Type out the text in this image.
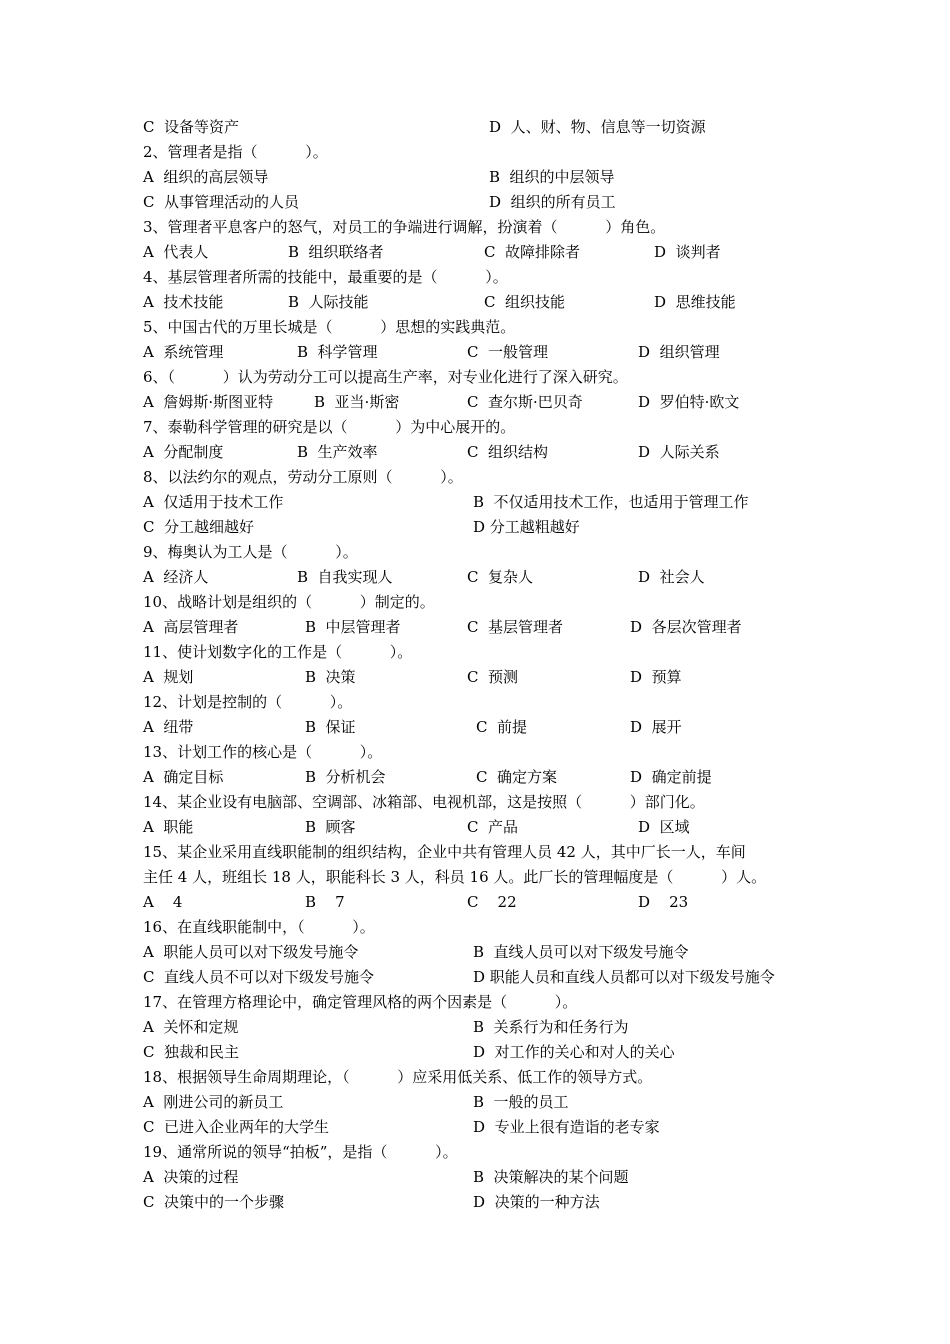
C  设备等资产	D  人、财、物、信息等一切资源
2、管理者是指（          ）。
A  组织的高层领导	B  组织的中层领导
C  从事管理活动的人员	D  组织的所有员工
3、管理者平息客户的怒气，对员工的争端进行调解，扮演着（          ）角色。
A  代表人	B  组织联络者	C  故障排除者	D  谈判者
4、基层管理者所需的技能中，最重要的是（          ）。
A  技术技能	B  人际技能	C  组织技能	D  思维技能
5、中国古代的万里长城是（          ）思想的实践典范。
A  系统管理	B  科学管理	C  一般管理	D  组织管理
6、（          ）认为劳动分工可以提高生产率，对专业化进行了深入研究。
A  詹姆斯·斯图亚特	B  亚当·斯密	C  查尔斯·巴贝奇	D  罗伯特·欧文
7、泰勒科学管理的研究是以（          ）为中心展开的。
A  分配制度	B  生产效率	C  组织结构	D  人际关系
8、以法约尔的观点，劳动分工原则（          ）。
A  仅适用于技术工作	B  不仅适用技术工作，也适用于管理工作
C  分工越细越好	D 分工越粗越好
9、梅奥认为工人是（          ）。
A  经济人	B  自我实现人	C  复杂人	D  社会人
10、战略计划是组织的（          ）制定的。
A  高层管理者	B  中层管理者	C  基层管理者	D  各层次管理者
11、使计划数字化的工作是（          ）。
A  规划	B  决策	C  预测	D  预算
12、计划是控制的（          ）。
A  纽带	B  保证	C  前提	D  展开
13、计划工作的核心是（          ）。
A  确定目标	B  分析机会	C  确定方案	D  确定前提
14、某企业设有电脑部、空调部、冰箱部、电视机部，这是按照（          ）部门化。
A  职能	B  顾客	C  产品	D  区域
15、某企业采用直线职能制的组织结构，企业中共有管理人员 42 人，其中厂长一人，车间
主任 4 人，班组长 18 人，职能科长 3 人，科员 16 人。此厂长的管理幅度是（          ）人。
A    4	B    7	C    22	D    23
16、在直线职能制中，（          ）。
A  职能人员可以对下级发号施令	B  直线人员可以对下级发号施令
C  直线人员不可以对下级发号施令	D 职能人员和直线人员都可以对下级发号施令
17、在管理方格理论中，确定管理风格的两个因素是（          ）。
A  关怀和定规	B  关系行为和任务行为
C  独裁和民主	D  对工作的关心和对人的关心
18、根据领导生命周期理论，（          ）应采用低关系、低工作的领导方式。
A  刚进公司的新员工	B  一般的员工
C  已进入企业两年的大学生	D  专业上很有造诣的老专家
19、通常所说的领导“拍板”，是指（          ）。
A  决策的过程	B  决策解决的某个问题
C  决策中的一个步骤	D  决策的一种方法
